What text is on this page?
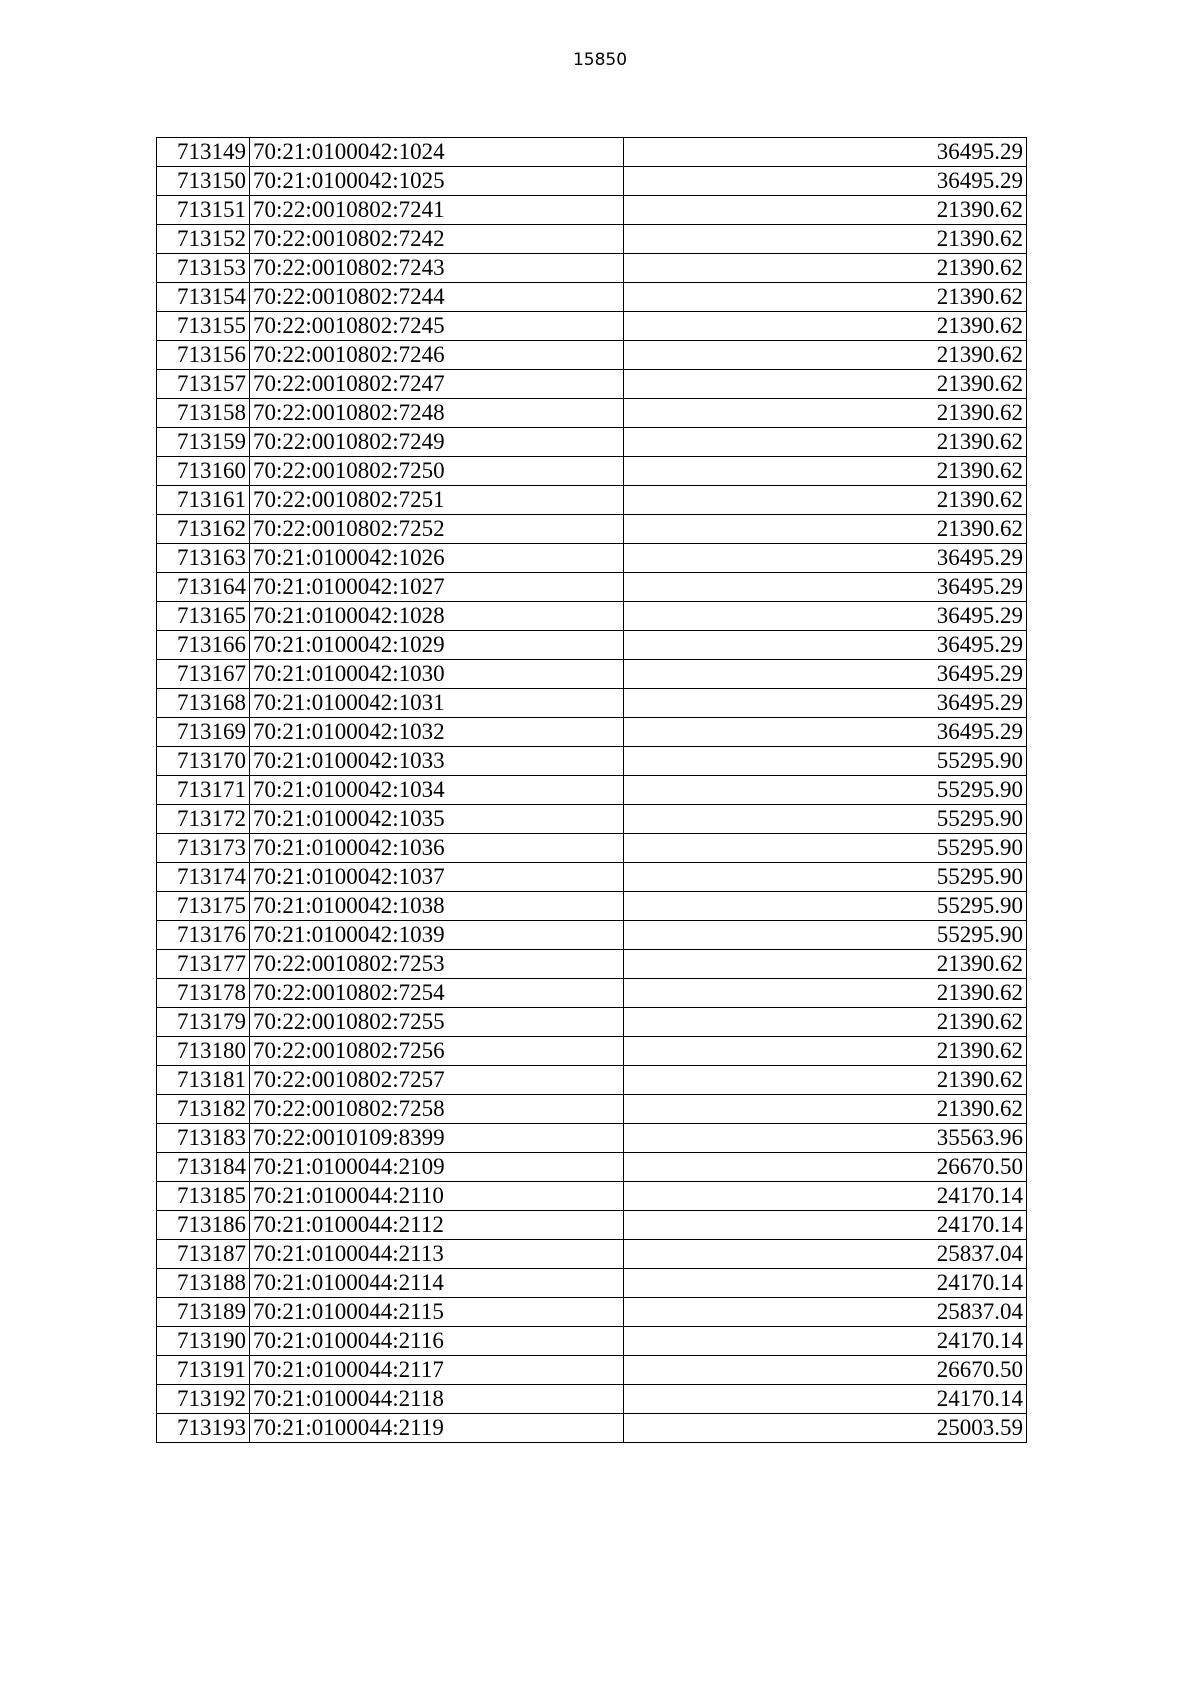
15850
713149	70:21:0100042:1024	36495.29
713150	70:21:0100042:1025	36495.29
713151	70:22:0010802:7241	21390.62
713152	70:22:0010802:7242	21390.62
713153	70:22:0010802:7243	21390.62
713154	70:22:0010802:7244	21390.62
713155	70:22:0010802:7245	21390.62
713156	70:22:0010802:7246	21390.62
713157	70:22:0010802:7247	21390.62
713158	70:22:0010802:7248	21390.62
713159	70:22:0010802:7249	21390.62
713160	70:22:0010802:7250	21390.62
713161	70:22:0010802:7251	21390.62
713162	70:22:0010802:7252	21390.62
713163	70:21:0100042:1026	36495.29
713164	70:21:0100042:1027	36495.29
713165	70:21:0100042:1028	36495.29
713166	70:21:0100042:1029	36495.29
713167	70:21:0100042:1030	36495.29
713168	70:21:0100042:1031	36495.29
713169	70:21:0100042:1032	36495.29
713170	70:21:0100042:1033	55295.90
713171	70:21:0100042:1034	55295.90
713172	70:21:0100042:1035	55295.90
713173	70:21:0100042:1036	55295.90
713174	70:21:0100042:1037	55295.90
713175	70:21:0100042:1038	55295.90
713176	70:21:0100042:1039	55295.90
713177	70:22:0010802:7253	21390.62
713178	70:22:0010802:7254	21390.62
713179	70:22:0010802:7255	21390.62
713180	70:22:0010802:7256	21390.62
713181	70:22:0010802:7257	21390.62
713182	70:22:0010802:7258	21390.62
713183	70:22:0010109:8399	35563.96
713184	70:21:0100044:2109	26670.50
713185	70:21:0100044:2110	24170.14
713186	70:21:0100044:2112	24170.14
713187	70:21:0100044:2113	25837.04
713188	70:21:0100044:2114	24170.14
713189	70:21:0100044:2115	25837.04
713190	70:21:0100044:2116	24170.14
713191	70:21:0100044:2117	26670.50
713192	70:21:0100044:2118	24170.14
713193	70:21:0100044:2119	25003.59
